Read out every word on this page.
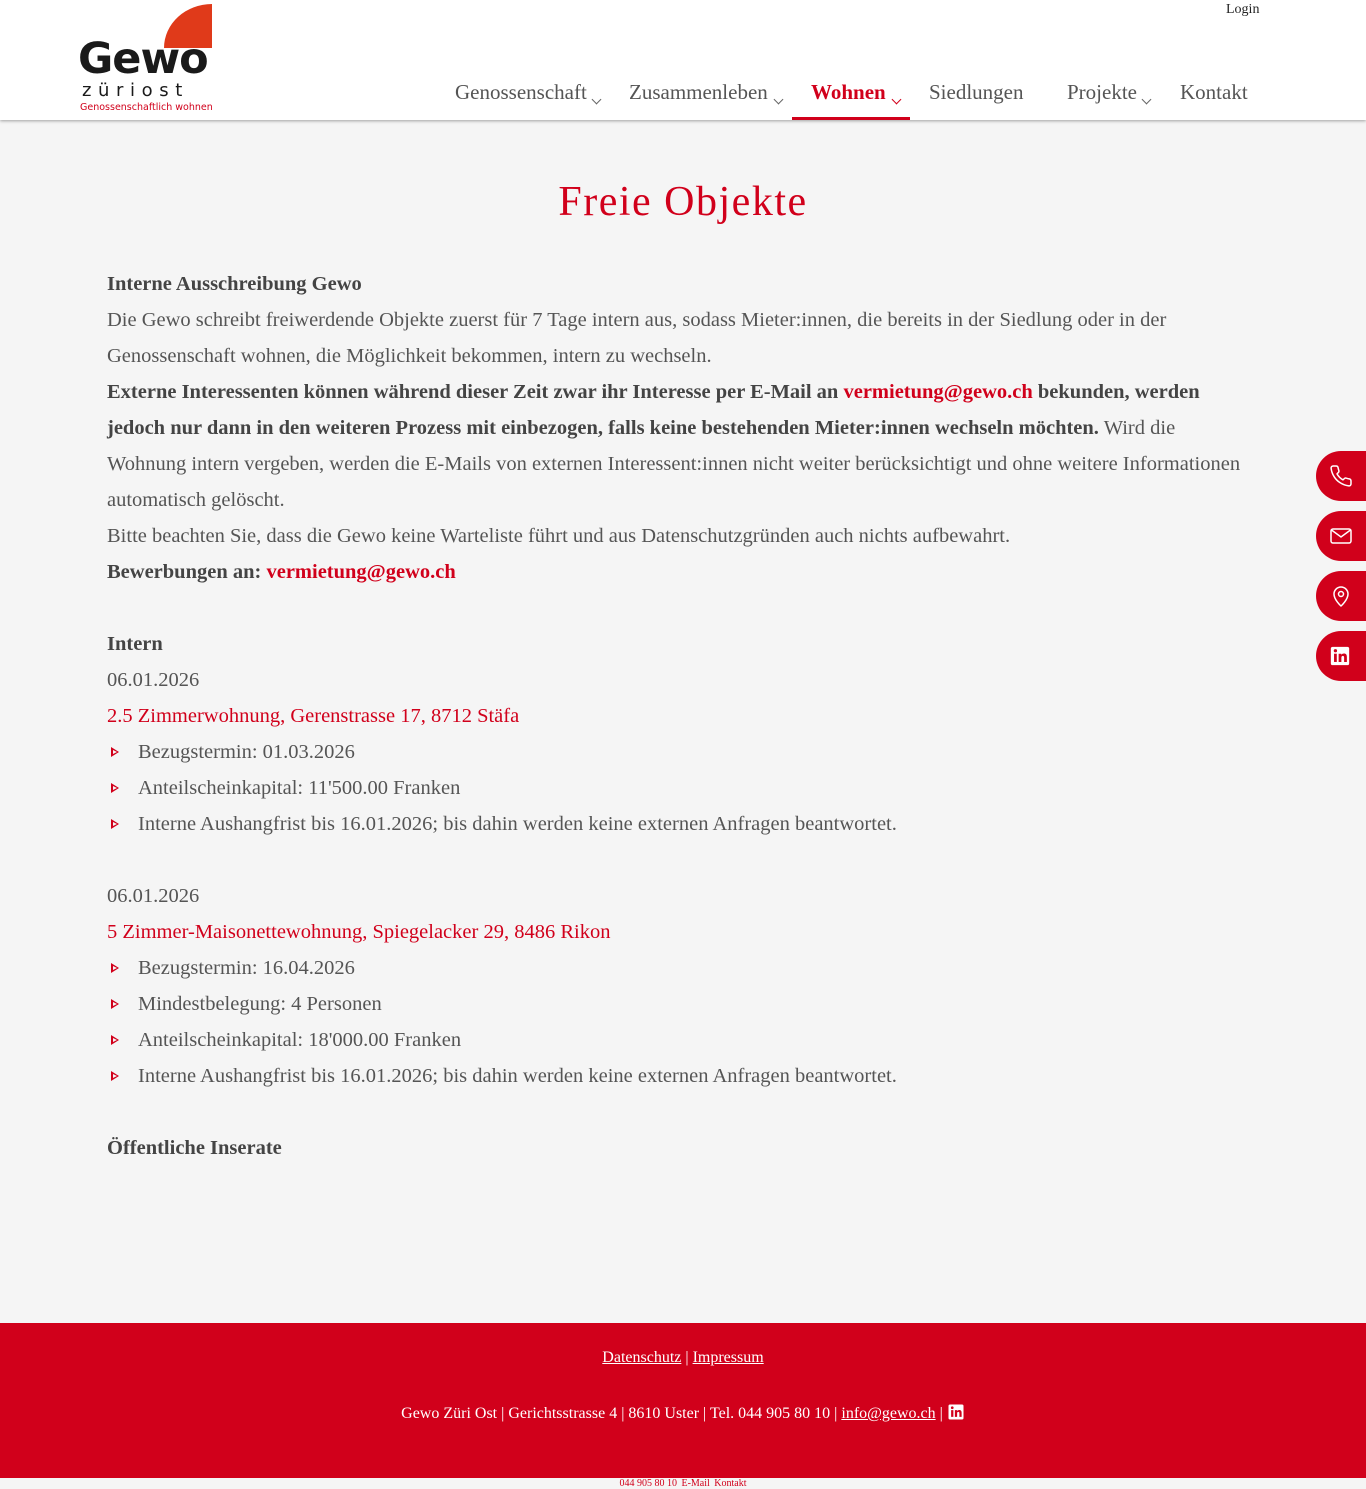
Gewo
züriost
Genossenschaftlich wohnen
Login
Genossenschaft Zusammenleben Wohnen Siedlungen Projekte Kontakt
Freie Objekte

Interne Ausschreibung Gewo

Die Gewo schreibt freiwerdende Objekte zuerst für 7 Tage intern aus, sodass Mieter:innen, die bereits in der Siedlung oder in der Genossenschaft wohnen, die Möglichkeit bekommen, intern zu wechseln.

Externe Interessenten können während dieser Zeit zwar ihr Interesse per E-Mail an vermietung@gewo.ch bekunden, werden jedoch nur dann in den weiteren Prozess mit einbezogen, falls keine bestehenden Mieter:innen wechseln möchten. Wird die Wohnung intern vergeben, werden die E-Mails von externen Interessent:innen nicht weiter berücksichtigt und ohne weitere Informationen automatisch gelöscht.

Bitte beachten Sie, dass die Gewo keine Warteliste führt und aus Datenschutzgründen auch nichts aufbewahrt.

Bewerbungen an: vermietung@gewo.ch

Intern

06.01.2026

2.5 Zimmerwohnung, Gerenstrasse 17, 8712 Stäfa

Bezugstermin: 01.03.2026
Anteilscheinkapital: 11'500.00 Franken
Interne Aushangfrist bis 16.01.2026; bis dahin werden keine externen Anfragen beantwortet.

06.01.2026

5 Zimmer-Maisonettewohnung, Spiegelacker 29, 8486 Rikon

Bezugstermin: 16.04.2026
Mindestbelegung: 4 Personen
Anteilscheinkapital: 18'000.00 Franken
Interne Aushangfrist bis 16.01.2026; bis dahin werden keine externen Anfragen beantwortet.

Öffentliche Inserate

Datenschutz | Impressum
Gewo Züri Ost | Gerichtsstrasse 4 | 8610 Uster | Tel. 044 905 80 10 | info@gewo.ch |
044 905 80 10 E-Mail Kontakt
